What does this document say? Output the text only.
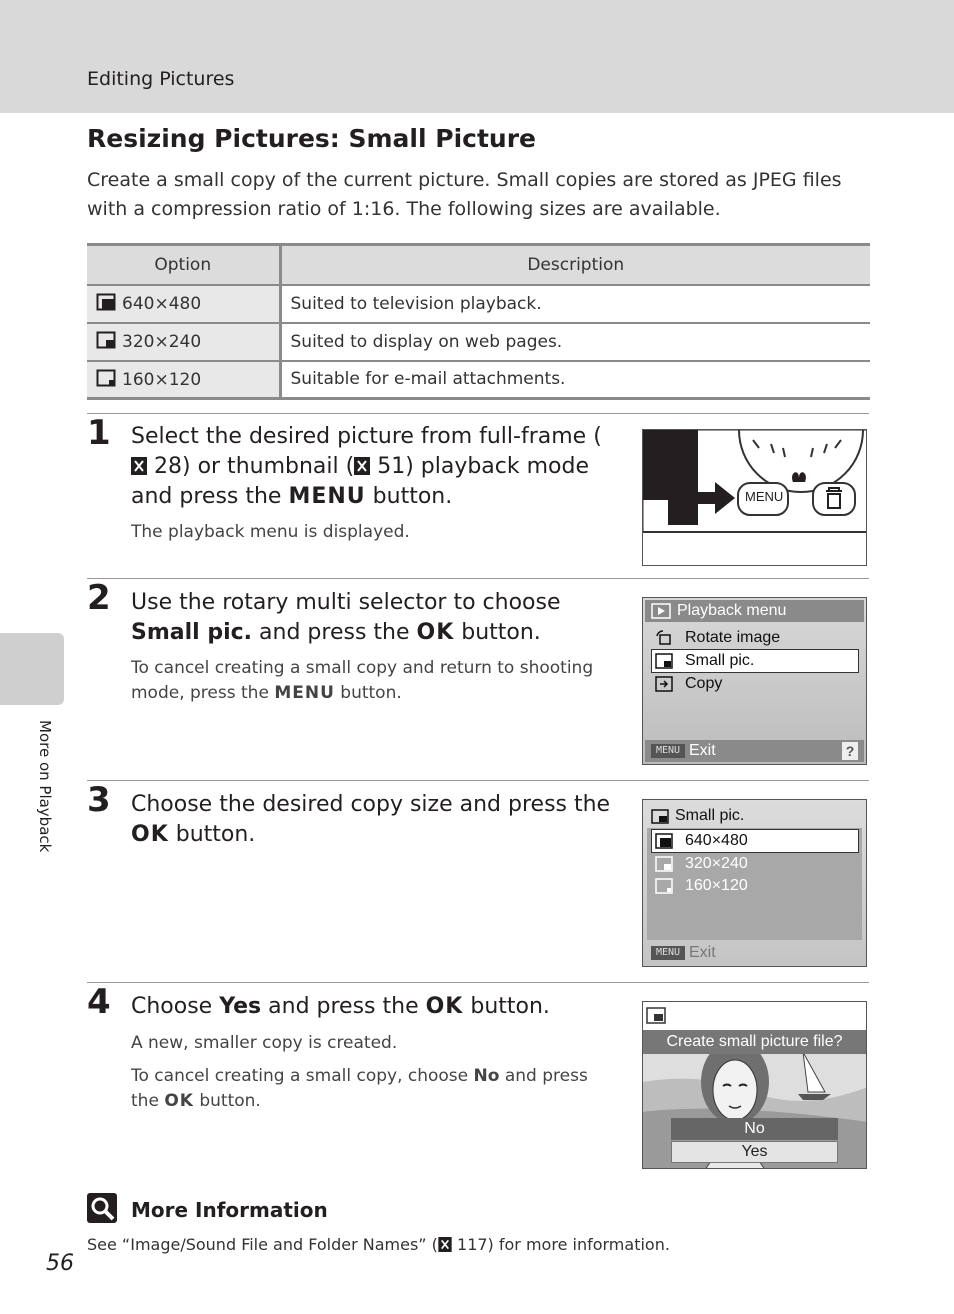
Editing Pictures
More on Playback
Resizing Pictures: Small Picture

Create a small copy of the current picture. Small copies are stored as JPEG files with a compression ratio of 1:16. The following sizes are available.

Option	Description
640×480	Suited to television playback.
320×240	Suited to display on web pages.
160×120	Suitable for e-mail attachments.
1 Select the desired picture from full-frame ( 28) or thumbnail ( 51) playback mode and press the MENU button.
The playback menu is displayed.
MENU
2 Use the rotary multi selector to choose Small pic. and press the OK button.
To cancel creating a small copy and return to shooting mode, press the MENU button.
Playback menu
Rotate image
Small pic.
Copy
MENU Exit	?
3 Choose the desired copy size and press the OK button.
Small pic.
640×480
320×240
160×120
MENU Exit
4 Choose Yes and press the OK button.
A new, smaller copy is created.
To cancel creating a small copy, choose No and press the OK button.
Create small picture file?
No
Yes
More Information
See “Image/Sound File and Folder Names” ( 117) for more information.
56
